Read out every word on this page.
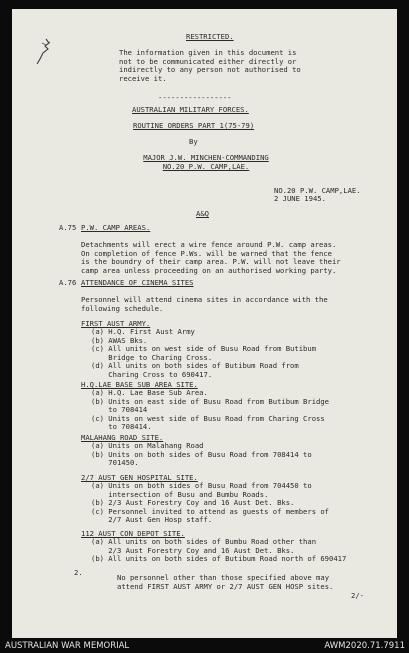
RESTRICTED.
The information given in this document is
not to be communicated either directly or
indirectly to any person not authorised to
receive it.
-----------------
AUSTRALIAN MILITARY FORCES.
ROUTINE ORDERS PART 1(75-79)
By
MAJOR J.W. MINCHEN-COMMANDING
NO.20 P.W. CAMP,LAE.
NO.20 P.W. CAMP,LAE.
2 JUNE 1945.
A&Q
A.75 P.W. CAMP AREAS.
Detachments will erect a wire fence around P.W. camp areas.
On completion of fence P.Ws. will be warned that the fence
is the boundry of their camp area. P.W. will not leave their
camp area unless proceeding on an authorised working party.
A.76 ATTENDANCE OF CINEMA SITES
Personnel will attend cinema sites in accordance with the
following schedule.
FIRST AUST ARMY.
(a) H.Q. First Aust Army
(b) AWAS Bks.
(c) All units on west side of Busu Road from Butibum
Bridge to Charing Cross.
(d) All units on both sides of Butibum Road from
Charing Cross to 690417.
H.Q.LAE BASE SUB AREA SITE.
(a) H.Q. Lae Base Sub Area.
(b) Units on east side of Busu Road from Butibum Bridge
to 708414
(c) Units on west side of Busu Road from Charing Cross
to 708414.
MALAHANG ROAD SITE.
(a) Units on Malahang Road
(b) Units on both sides of Busu Road from 708414 to
701450.
2/7 AUST GEN HOSPITAL SITE.
(a) Units on both sides of Busu Road from 704450 to
intersection of Busu and Bumbu Roads.
(b) 2/3 Aust Forestry Coy and 16 Aust Det. Bks.
(c) Personnel invited to attend as guests of members of
2/7 Aust Gen Hosp staff.
112 AUST CON DEPOT SITE.
(a) All units on both sides of Bumbu Road other than
2/3 Aust Forestry Coy and 16 Aust Det. Bks.
(b) All units on both sides of Butibum Road north of 690417
2.
No personnel other than those specified above may
attend FIRST AUST ARMY or 2/7 AUST GEN HOSP sites.
2/-
AUSTRALIAN WAR MEMORIAL	AWM2020.71.7911
